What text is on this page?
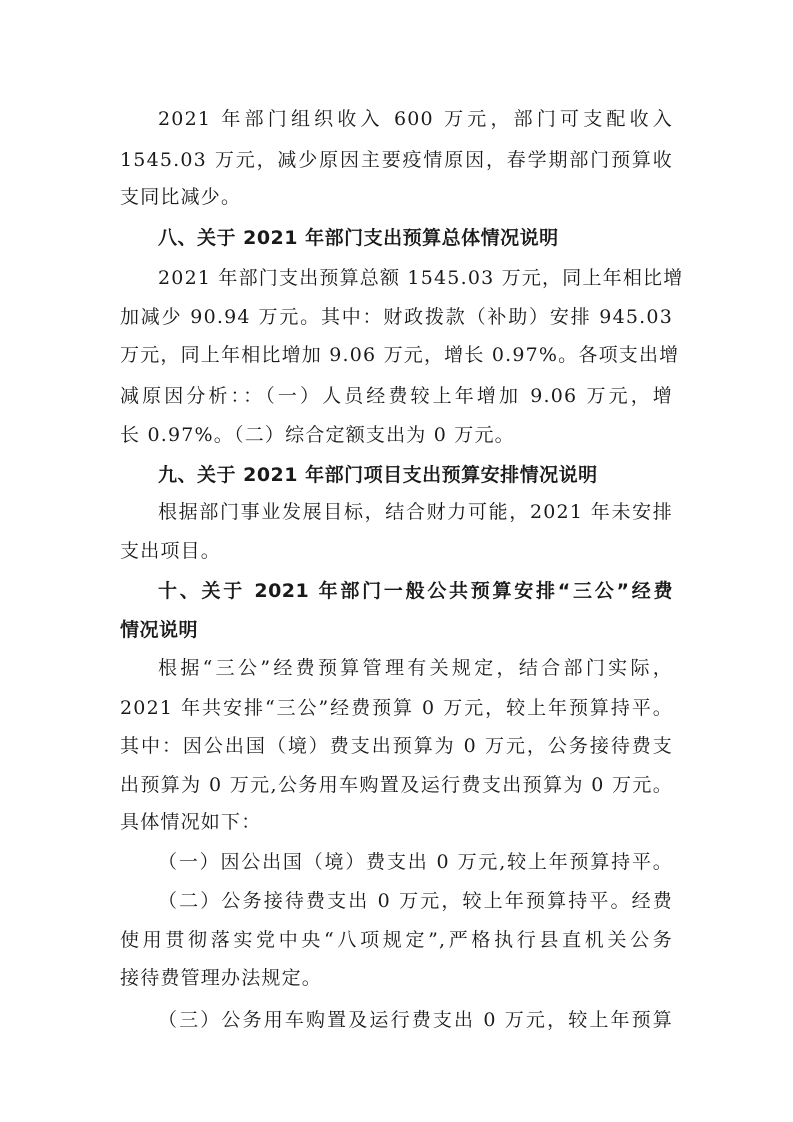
2021 年部门组织收入 600 万元，部门可支配收入

1545.03 万元，减少原因主要疫情原因，春学期部门预算收

支同比减少。

八、关于 2021 年部门支出预算总体情况说明

2021 年部门支出预算总额 1545.03 万元，同上年相比增

加减少 90.94 万元。其中：财政拨款（补助）安排 945.03

万元，同上年相比增加 9.06 万元，增长 0.97%。各项支出增

减原因分析：：（一）人员经费较上年增加 9.06 万元，增

长 0.97%。（二）综合定额支出为 0 万元。

九、关于 2021 年部门项目支出预算安排情况说明

根据部门事业发展目标，结合财力可能，2021 年未安排

支出项目。

十、关于 2021 年部门一般公共预算安排“三公”经费

情况说明

根据“三公”经费预算管理有关规定，结合部门实际，

2021 年共安排“三公”经费预算 0 万元，较上年预算持平。

其中：因公出国（境）费支出预算为 0 万元，公务接待费支

出预算为 0 万元,公务用车购置及运行费支出预算为 0 万元。

具体情况如下：

（一）因公出国（境）费支出 0 万元,较上年预算持平。

（二）公务接待费支出 0 万元，较上年预算持平。经费

使用贯彻落实党中央“八项规定”,严格执行县直机关公务

接待费管理办法规定。

（三）公务用车购置及运行费支出 0 万元，较上年预算
